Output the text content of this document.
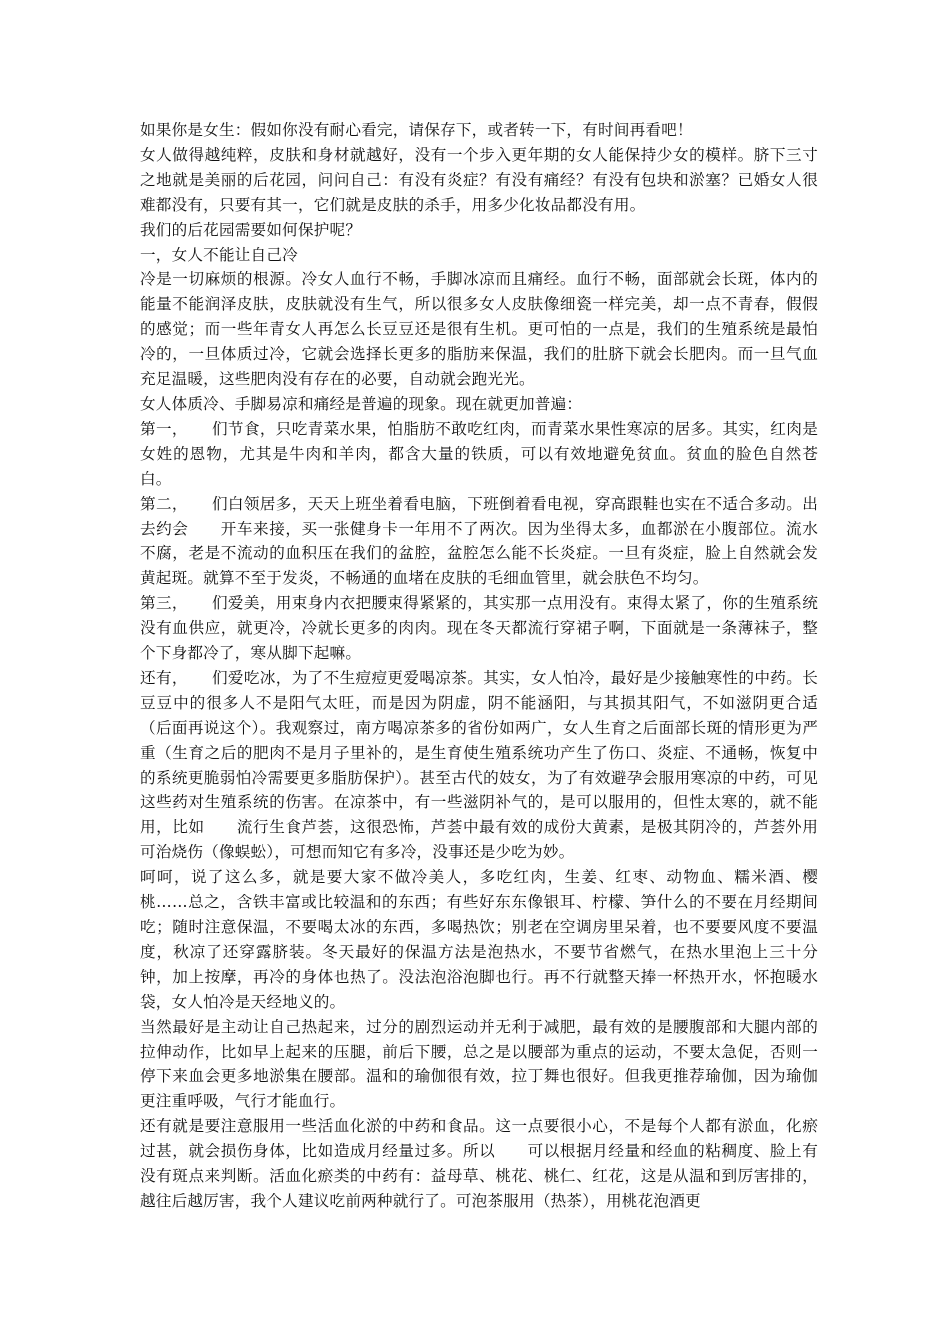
如果你是女生：假如你没有耐心看完，请保存下，或者转一下，有时间再看吧！

女人做得越纯粹，皮肤和身材就越好，没有一个步入更年期的女人能保持少女的模样。脐下三寸之地就是美丽的后花园，问问自己：有没有炎症？有没有痛经？有没有包块和淤塞？已婚女人很难都没有，只要有其一，它们就是皮肤的杀手，用多少化妆品都没有用。

我们的后花园需要如何保护呢？

一，女人不能让自己冷

冷是一切麻烦的根源。冷女人血行不畅，手脚冰凉而且痛经。血行不畅，面部就会长斑，体内的能量不能润泽皮肤，皮肤就没有生气，所以很多女人皮肤像细瓷一样完美，却一点不青春，假假的感觉；而一些年青女人再怎么长豆豆还是很有生机。更可怕的一点是，我们的生殖系统是最怕冷的，一旦体质过冷，它就会选择长更多的脂肪来保温，我们的肚脐下就会长肥肉。而一旦气血充足温暖，这些肥肉没有存在的必要，自动就会跑光光。

女人体质冷、手脚易凉和痛经是普遍的现象。现在就更加普遍：

第一，　　们节食，只吃青菜水果，怕脂肪不敢吃红肉，而青菜水果性寒凉的居多。其实，红肉是女姓的恩物，尤其是牛肉和羊肉，都含大量的铁质，可以有效地避免贫血。贫血的脸色自然苍白。

第二，　　们白领居多，天天上班坐着看电脑，下班倒着看电视，穿高跟鞋也实在不适合多动。出去约会　　开车来接，买一张健身卡一年用不了两次。因为坐得太多，血都淤在小腹部位。流水不腐，老是不流动的血积压在我们的盆腔，盆腔怎么能不长炎症。一旦有炎症，脸上自然就会发黄起斑。就算不至于发炎，不畅通的血堵在皮肤的毛细血管里，就会肤色不均匀。

第三，　　们爱美，用束身内衣把腰束得紧紧的，其实那一点用没有。束得太紧了，你的生殖系统没有血供应，就更冷，冷就长更多的肉肉。现在冬天都流行穿裙子啊，下面就是一条薄袜子，整个下身都冷了，寒从脚下起嘛。

还有，　　们爱吃冰，为了不生痘痘更爱喝凉茶。其实，女人怕冷，最好是少接触寒性的中药。长豆豆中的很多人不是阳气太旺，而是因为阴虚，阴不能涵阳，与其损其阳气，不如滋阴更合适（后面再说这个）。我观察过，南方喝凉茶多的省份如两广，女人生育之后面部长斑的情形更为严重（生育之后的肥肉不是月子里补的，是生育使生殖系统功产生了伤口、炎症、不通畅，恢复中的系统更脆弱怕冷需要更多脂肪保护）。甚至古代的妓女，为了有效避孕会服用寒凉的中药，可见这些药对生殖系统的伤害。在凉茶中，有一些滋阴补气的，是可以服用的，但性太寒的，就不能用，比如　　流行生食芦荟，这很恐怖，芦荟中最有效的成份大黄素，是极其阴冷的，芦荟外用可治烧伤（像蜈蚣），可想而知它有多冷，没事还是少吃为妙。

呵呵，说了这么多，就是要大家不做冷美人，多吃红肉，生姜、红枣、动物血、糯米酒、樱桃……总之，含铁丰富或比较温和的东西；有些好东东像银耳、柠檬、笋什么的不要在月经期间吃；随时注意保温，不要喝太冰的东西，多喝热饮；别老在空调房里呆着，也不要要风度不要温度，秋凉了还穿露脐装。冬天最好的保温方法是泡热水，不要节省燃气，在热水里泡上三十分钟，加上按摩，再冷的身体也热了。没法泡浴泡脚也行。再不行就整天捧一杯热开水，怀抱暖水袋，女人怕冷是天经地义的。

当然最好是主动让自己热起来，过分的剧烈运动并无利于减肥，最有效的是腰腹部和大腿内部的拉伸动作，比如早上起来的压腿，前后下腰，总之是以腰部为重点的运动，不要太急促，否则一停下来血会更多地淤集在腰部。温和的瑜伽很有效，拉丁舞也很好。但我更推荐瑜伽，因为瑜伽更注重呼吸，气行才能血行。

还有就是要注意服用一些活血化淤的中药和食品。这一点要很小心，不是每个人都有淤血，化瘀过甚，就会损伤身体，比如造成月经量过多。所以　　可以根据月经量和经血的粘稠度、脸上有没有斑点来判断。活血化瘀类的中药有：益母草、桃花、桃仁、红花，这是从温和到厉害排的，越往后越厉害，我个人建议吃前两种就行了。可泡茶服用（热茶），用桃花泡酒更
